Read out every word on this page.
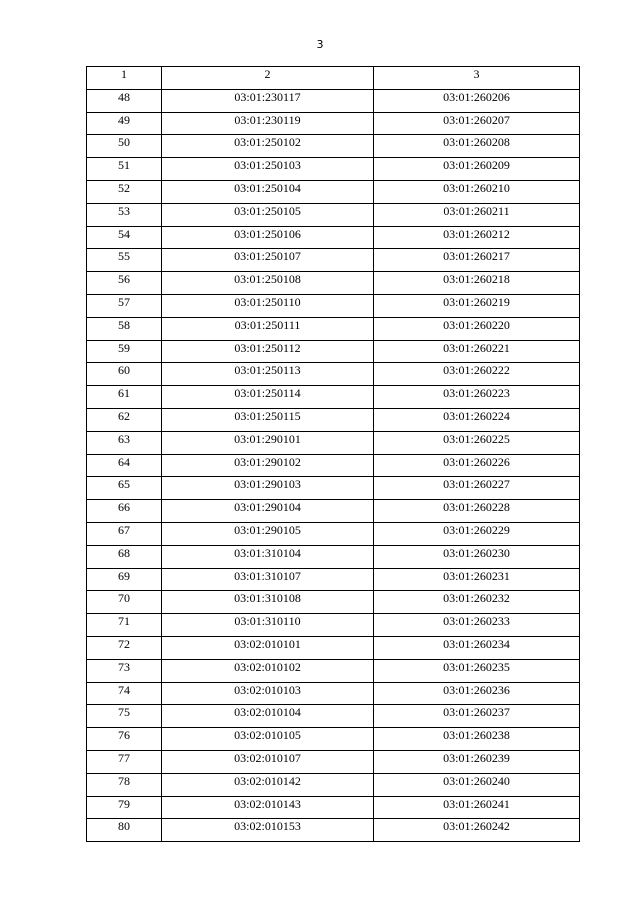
3
1	2	3
48	03:01:230117	03:01:260206
49	03:01:230119	03:01:260207
50	03:01:250102	03:01:260208
51	03:01:250103	03:01:260209
52	03:01:250104	03:01:260210
53	03:01:250105	03:01:260211
54	03:01:250106	03:01:260212
55	03:01:250107	03:01:260217
56	03:01:250108	03:01:260218
57	03:01:250110	03:01:260219
58	03:01:250111	03:01:260220
59	03:01:250112	03:01:260221
60	03:01:250113	03:01:260222
61	03:01:250114	03:01:260223
62	03:01:250115	03:01:260224
63	03:01:290101	03:01:260225
64	03:01:290102	03:01:260226
65	03:01:290103	03:01:260227
66	03:01:290104	03:01:260228
67	03:01:290105	03:01:260229
68	03:01:310104	03:01:260230
69	03:01:310107	03:01:260231
70	03:01:310108	03:01:260232
71	03:01:310110	03:01:260233
72	03:02:010101	03:01:260234
73	03:02:010102	03:01:260235
74	03:02:010103	03:01:260236
75	03:02:010104	03:01:260237
76	03:02:010105	03:01:260238
77	03:02:010107	03:01:260239
78	03:02:010142	03:01:260240
79	03:02:010143	03:01:260241
80	03:02:010153	03:01:260242
